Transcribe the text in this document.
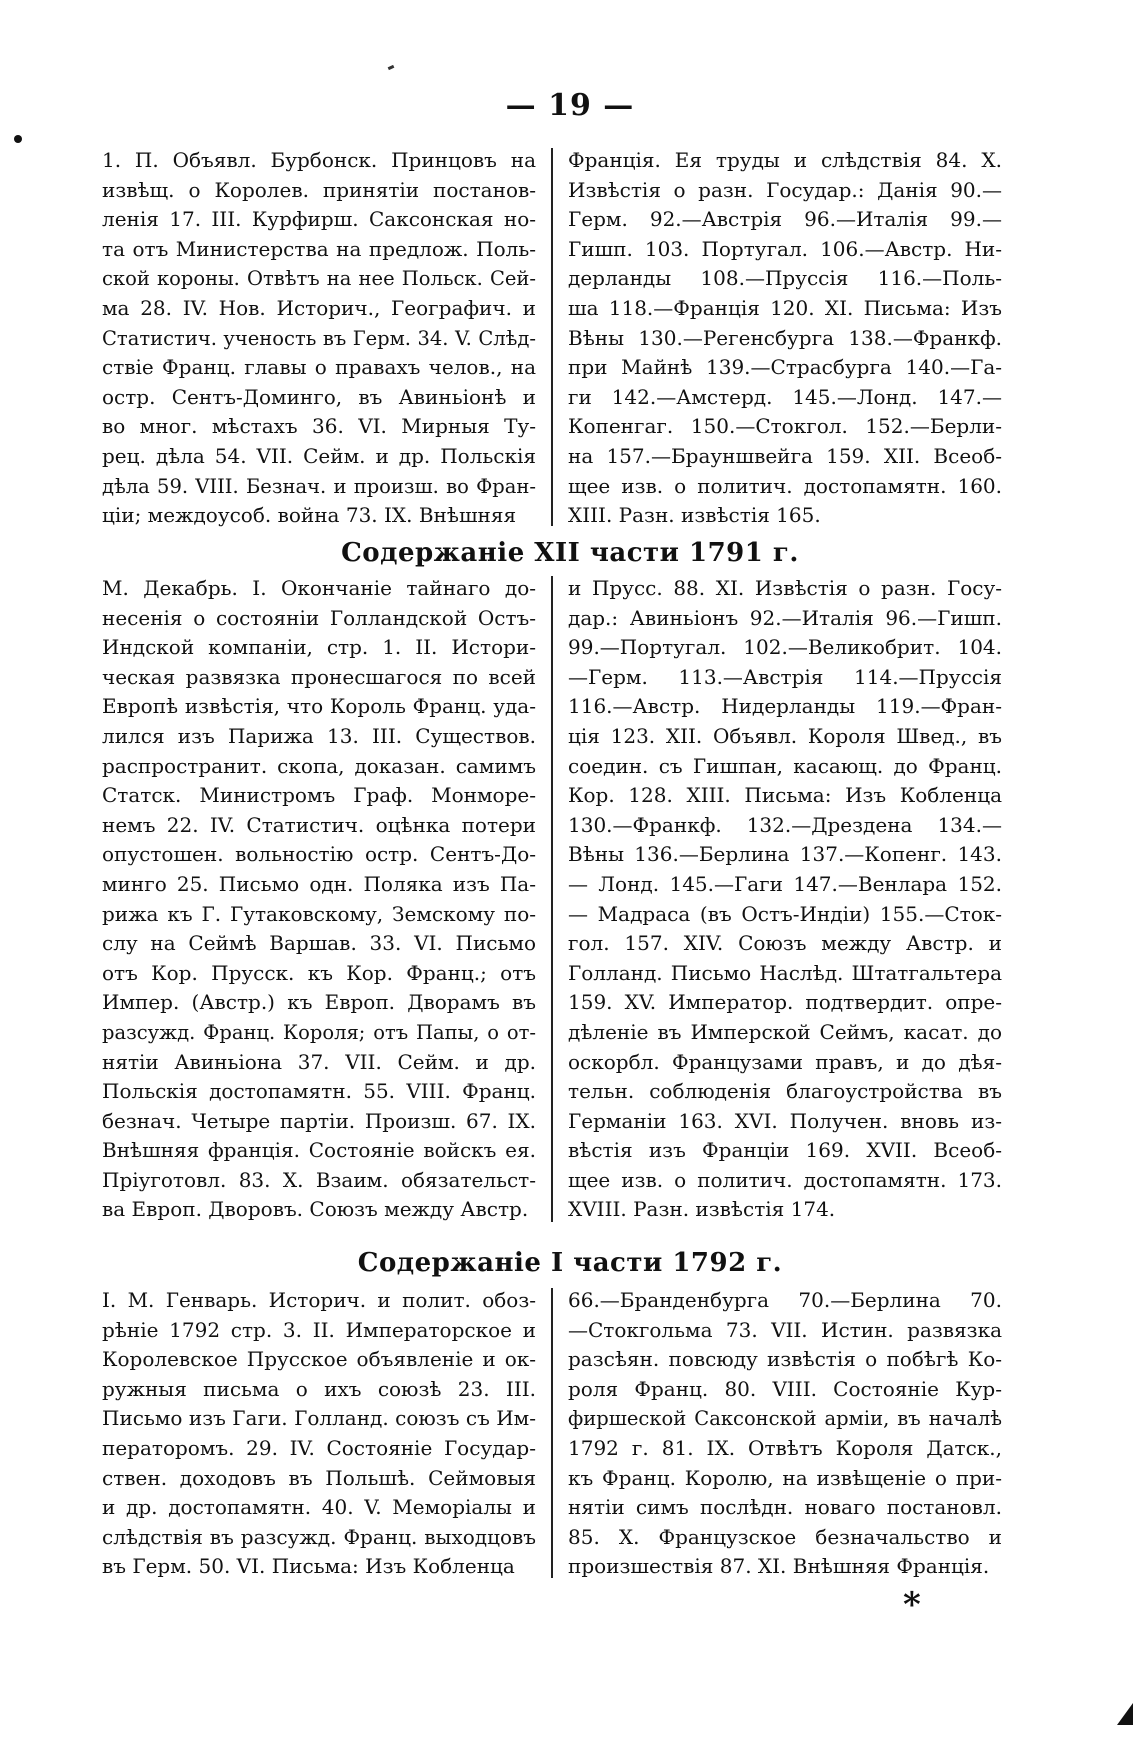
— 19 —
1. П. Объявл. Бурбонск. Принцовъ на
извѣщ. о Королев. принятіи постанов-
ленія 17. III. Курфирш. Саксонская но-
та отъ Министерства на предлож. Поль-
ской короны. Отвѣтъ на нее Польск. Сей-
ма 28. IV. Нов. Историч., Географич. и
Статистич. ученость въ Герм. 34. V. Слѣд-
ствіе Франц. главы о правахъ челов., на
остр. Сентъ-Доминго, въ Авиньіонѣ и
во мног. мѣстахъ 36. VI. Мирныя Ту-
рец. дѣла 54. VII. Сейм. и др. Польскія
дѣла 59. VIII. Безнач. и произш. во Фран-
ціи; междоусоб. война 73. IX. Внѣшняя
Франція. Ея труды и слѣдствія 84. X.
Извѣстія о разн. Государ.: Данія 90.—
Герм. 92.—Австрія 96.—Италія 99.—
Гишп. 103. Португал. 106.—Австр. Ни-
дерланды 108.—Пруссія 116.—Поль-
ша 118.—Франція 120. XI. Письма: Изъ
Вѣны 130.—Регенсбурга 138.—Франкф.
при Майнѣ 139.—Страсбурга 140.—Га-
ги 142.—Амстерд. 145.—Лонд. 147.—
Копенгаг. 150.—Стокгол. 152.—Берли-
на 157.—Брауншвейга 159. XII. Всеоб-
щее изв. о политич. достопамятн. 160.
XIII. Разн. извѣстія 165.
Содержаніе XII части 1791 г.
М. Декабрь. I. Окончаніе тайнаго до-
несенія о состояніи Голландской Остъ-
Индской компаніи, стр. 1. II. Истори-
ческая развязка пронесшагося по всей
Европѣ извѣстія, что Король Франц. уда-
лился изъ Парижа 13. III. Существов.
распространит. скопа, доказан. самимъ
Статск. Министромъ Граф. Монморе-
немъ 22. IV. Статистич. оцѣнка потери
опустошен. вольностію остр. Сентъ-До-
минго 25. Письмо одн. Поляка изъ Па-
рижа къ Г. Гутаковскому, Земскому по-
слу на Сеймѣ Варшав. 33. VI. Письмо
отъ Кор. Прусск. къ Кор. Франц.; отъ
Импер. (Австр.) къ Европ. Дворамъ въ
разсужд. Франц. Короля; отъ Папы, о от-
нятіи Авиньіона 37. VII. Сейм. и др.
Польскія достопамятн. 55. VIII. Франц.
безнач. Четыре партіи. Произш. 67. IX.
Внѣшняя франція. Состояніе войскъ ея.
Пріуготовл. 83. X. Взаим. обязательст-
ва Европ. Дворовъ. Союзъ между Австр.
и Прусс. 88. XI. Извѣстія о разн. Госу-
дар.: Авиньіонъ 92.—Италія 96.—Гишп.
99.—Португал. 102.—Великобрит. 104.
—Герм. 113.—Австрія 114.—Пруссія
116.—Австр. Нидерланды 119.—Фран-
ція 123. XII. Объявл. Короля Швед., въ
соедин. съ Гишпан, касающ. до Франц.
Кор. 128. XIII. Письма: Изъ Кобленца
130.—Франкф. 132.—Дрездена 134.—
Вѣны 136.—Берлина 137.—Копенг. 143.
— Лонд. 145.—Гаги 147.—Венлара 152.
— Мадраса (въ Остъ-Индіи) 155.—Сток-
гол. 157. XIV. Союзъ между Австр. и
Голланд. Письмо Наслѣд. Штатгальтера
159. XV. Император. подтвердит. опре-
дѣленіе въ Имперской Сеймъ, касат. до
оскорбл. Французами правъ, и до дѣя-
тельн. соблюденія благоустройства въ
Германіи 163. XVI. Получен. вновь из-
вѣстія изъ Франціи 169. XVII. Всеоб-
щее изв. о политич. достопамятн. 173.
XVIII. Разн. извѣстія 174.
Содержаніе I части 1792 г.
I. М. Генварь. Историч. и полит. обоз-
рѣніе 1792 стр. 3. II. Императорское и
Королевское Прусское объявленіе и ок-
ружныя письма о ихъ союзѣ 23. III.
Письмо изъ Гаги. Голланд. союзъ съ Им-
ператоромъ. 29. IV. Состояніе Государ-
ствен. доходовъ въ Польшѣ. Сеймовыя
и др. достопамятн. 40. V. Меморіалы и
слѣдствія въ разсужд. Франц. выходцовъ
въ Герм. 50. VI. Письма: Изъ Кобленца
66.—Бранденбурга 70.—Берлина 70.
—Стокгольма 73. VII. Истин. развязка
разсѣян. повсюду извѣстія о побѣгѣ Ко-
роля Франц. 80. VIII. Состояніе Кур-
фиршеской Саксонской арміи, въ началѣ
1792 г. 81. IX. Отвѣтъ Короля Датск.,
къ Франц. Королю, на извѣщеніе о при-
нятіи симъ послѣдн. новаго постановл.
85. X. Французское безначальство и
произшествія 87. XI. Внѣшняя Франція.
*
